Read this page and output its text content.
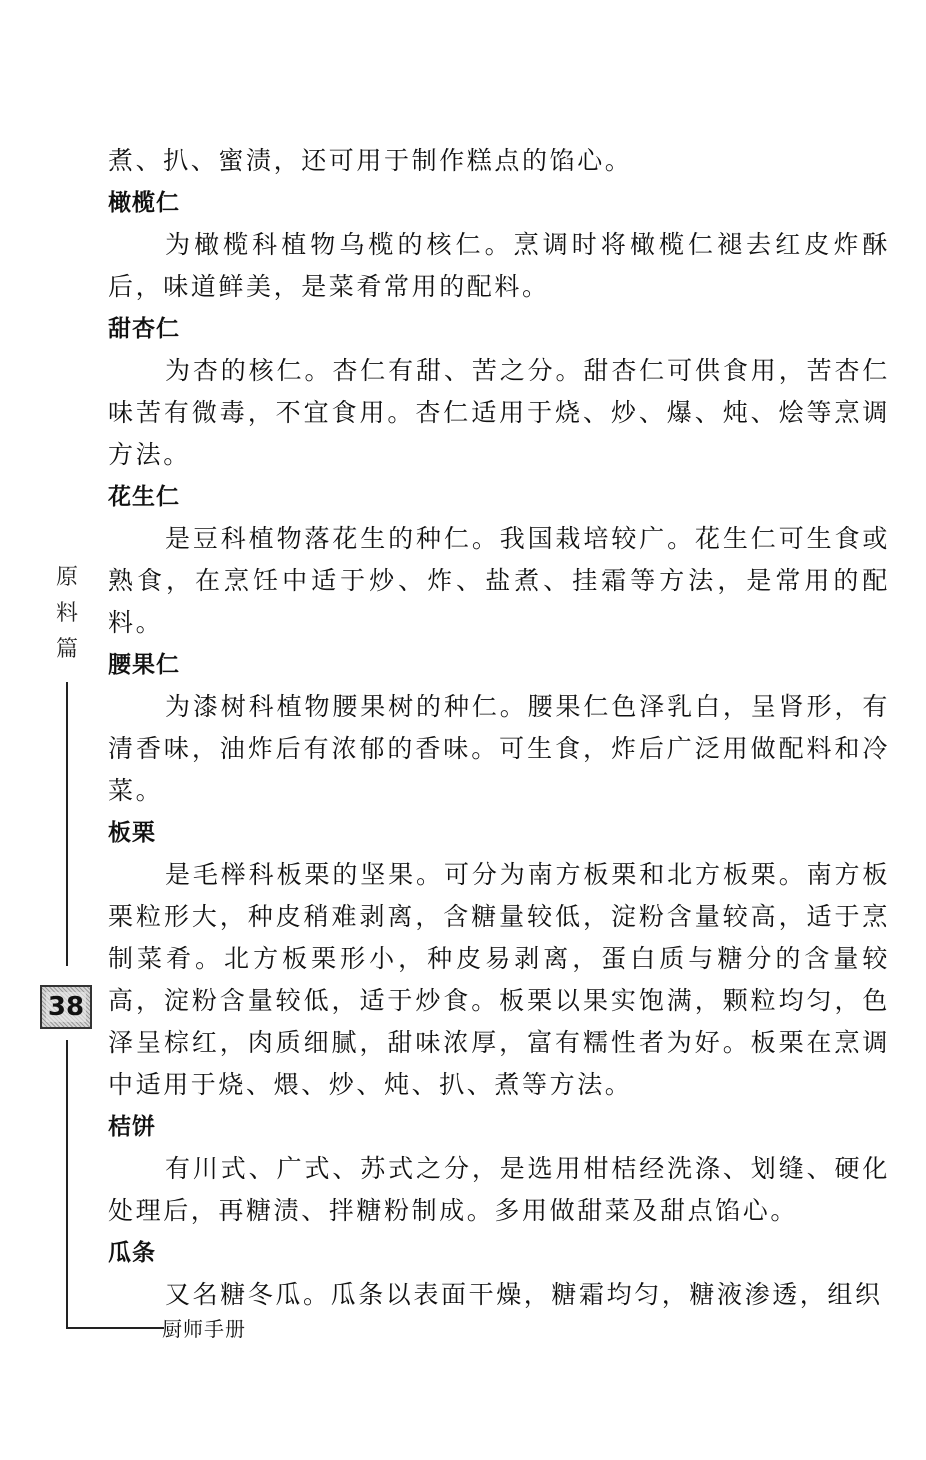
煮、扒、蜜渍，还可用于制作糕点的馅心。

橄榄仁

为橄榄科植物乌榄的核仁。烹调时将橄榄仁褪去红皮炸酥后，味道鲜美，是菜肴常用的配料。

甜杏仁

为杏的核仁。杏仁有甜、苦之分。甜杏仁可供食用，苦杏仁味苦有微毒，不宜食用。杏仁适用于烧、炒、爆、炖、烩等烹调方法。

花生仁

是豆科植物落花生的种仁。我国栽培较广。花生仁可生食或熟食，在烹饪中适于炒、炸、盐煮、挂霜等方法，是常用的配料。

腰果仁

为漆树科植物腰果树的种仁。腰果仁色泽乳白，呈肾形，有清香味，油炸后有浓郁的香味。可生食，炸后广泛用做配料和冷菜。

板栗

是毛榉科板栗的坚果。可分为南方板栗和北方板栗。南方板栗粒形大，种皮稍难剥离，含糖量较低，淀粉含量较高，适于烹制菜肴。北方板栗形小，种皮易剥离，蛋白质与糖分的含量较高，淀粉含量较低，适于炒食。板栗以果实饱满，颗粒均匀，色泽呈棕红，肉质细腻，甜味浓厚，富有糯性者为好。板栗在烹调中适用于烧、煨、炒、炖、扒、煮等方法。

桔饼

有川式、广式、苏式之分，是选用柑桔经洗涤、划缝、硬化处理后，再糖渍、拌糖粉制成。多用做甜菜及甜点馅心。

瓜条

又名糖冬瓜。瓜条以表面干燥，糖霜均匀，糖液渗透，组织

原
料
篇
38
厨师手册
